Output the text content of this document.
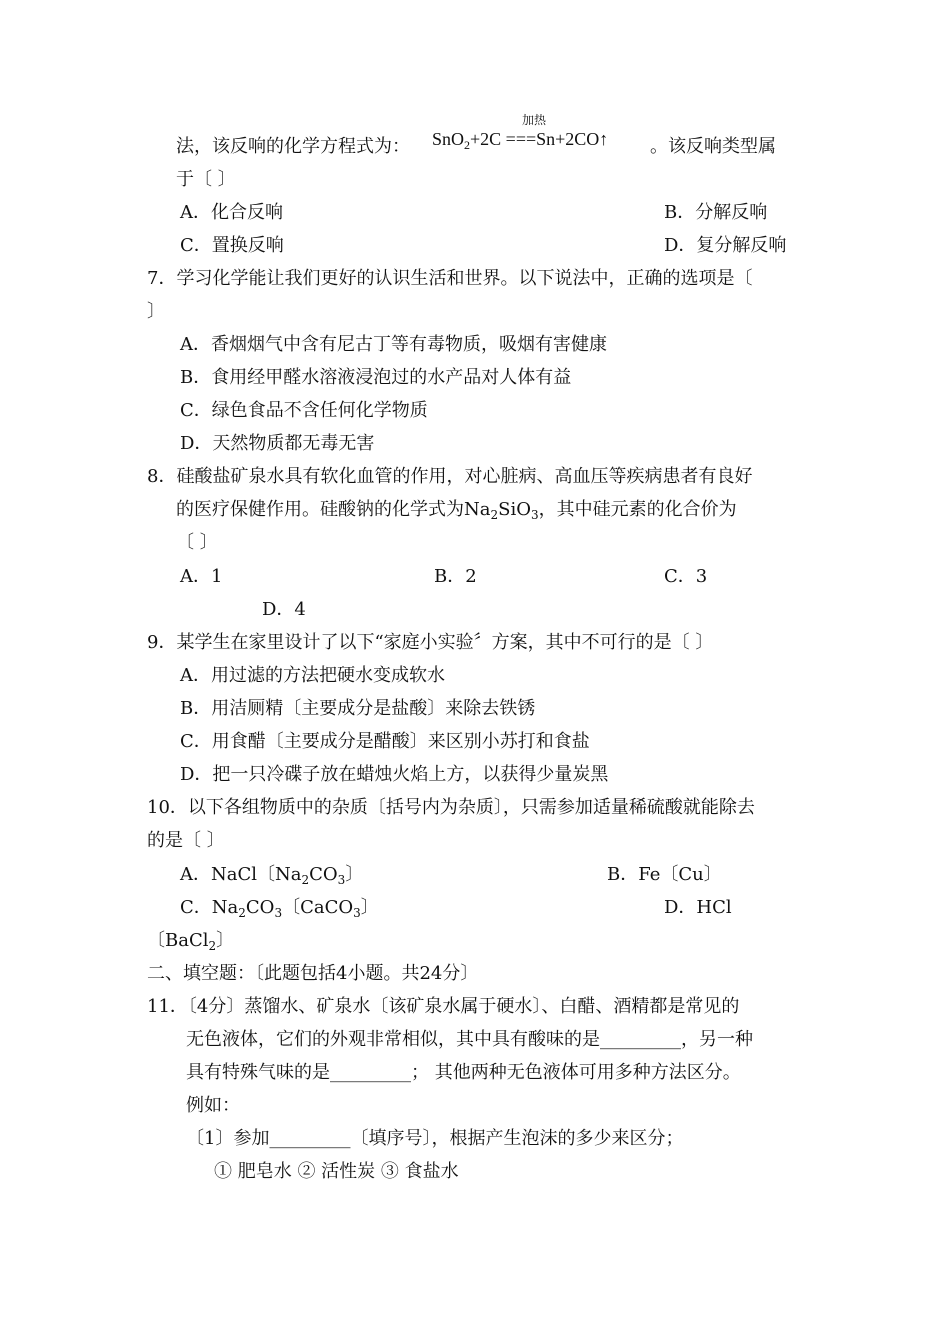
法，该反响的化学方程式为：
加热
SnO$_2$+2C ===Sn+2CO↑ 。该反响类型属
于〔 〕
A．化合反响	B．分解反响
C．置换反响	D．复分解反响
7．学习化学能让我们更好的认识生活和世界。以下说法中，正确的选项是〔
〕
A．香烟烟气中含有尼古丁等有毒物质，吸烟有害健康
B．食用经甲醛水溶液浸泡过的水产品对人体有益
C．绿色食品不含任何化学物质
D．天然物质都无毒无害
8．硅酸盐矿泉水具有软化血管的作用，对心脏病、高血压等疾病患者有良好
的医疗保健作用。硅酸钠的化学式为$Na_2SiO_3$，其中硅元素的化合价为
〔 〕
A．1	B．2	C．3
D．4
9．某学生在家里设计了以下“家庭小实验〞方案，其中不可行的是〔 〕
A．用过滤的方法把硬水变成软水
B．用洁厕精〔主要成分是盐酸〕来除去铁锈
C．用食醋〔主要成分是醋酸〕来区别小苏打和食盐
D．把一只冷碟子放在蜡烛火焰上方，以获得少量炭黑
10．以下各组物质中的杂质〔括号内为杂质〕，只需参加适量稀硫酸就能除去
的是〔 〕
A．NaCl〔$Na_2CO_3$〕	B．Fe〔Cu〕
C．$Na_2CO_3$〔CaCO$_3$〕	D．HCl
〔BaCl$_2$〕
二、填空题：〔此题包括4小题。共24分〕
11．〔4分〕蒸馏水、矿泉水〔该矿泉水属于硬水〕、白醋、酒精都是常见的
无色液体，它们的外观非常相似，其中具有酸味的是_________，另一种
具有特殊气味的是_________； 其他两种无色液体可用多种方法区分。
例如：
〔1〕参加_________〔填序号〕，根据产生泡沫的多少来区分；
① 肥皂水 ② 活性炭 ③ 食盐水
